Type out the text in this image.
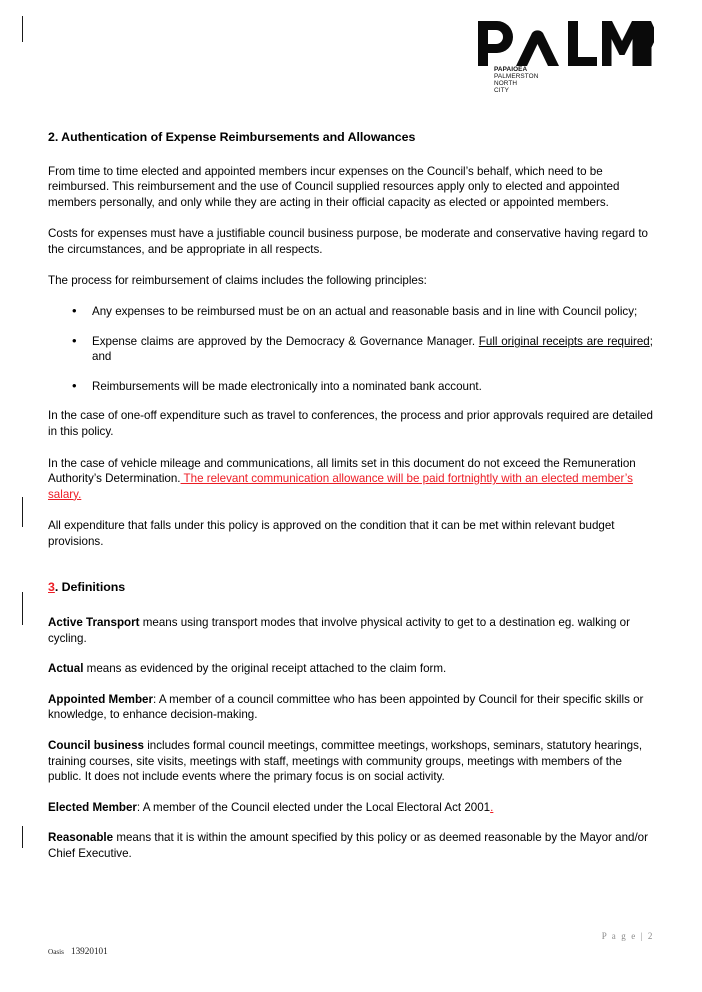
PAPAIOEA
PALMERSTON
NORTH
CITY
2. Authentication of Expense Reimbursements and Allowances

From time to time elected and appointed members incur expenses on the Council’s behalf, which need to be reimbursed. This reimbursement and the use of Council supplied resources apply only to elected and appointed members personally, and only while they are acting in their official capacity as elected or appointed members.

Costs for expenses must have a justifiable council business purpose, be moderate and conservative having regard to the circumstances, and be appropriate in all respects.

The process for reimbursement of claims includes the following principles:

• Any expenses to be reimbursed must be on an actual and reasonable basis and in line with Council policy;
• Expense claims are approved by the Democracy & Governance Manager. Full original receipts are required; and
• Reimbursements will be made electronically into a nominated bank account.

In the case of one-off expenditure such as travel to conferences, the process and prior approvals required are detailed in this policy.

In the case of vehicle mileage and communications, all limits set in this document do not exceed the Remuneration Authority’s Determination. The relevant communication allowance will be paid fortnightly with an elected member’s salary.

All expenditure that falls under this policy is approved on the condition that it can be met within relevant budget provisions.

3. Definitions

Active Transport means using transport modes that involve physical activity to get to a destination eg. walking or cycling.

Actual means as evidenced by the original receipt attached to the claim form.

Appointed Member: A member of a council committee who has been appointed by Council for their specific skills or knowledge, to enhance decision-making.

Council business includes formal council meetings, committee meetings, workshops, seminars, statutory hearings, training courses, site visits, meetings with staff, meetings with community groups, meetings with members of the public. It does not include events where the primary focus is on social activity.

Elected Member: A member of the Council elected under the Local Electoral Act 2001.

Reasonable means that it is within the amount specified by this policy or as deemed reasonable by the Mayor and/or Chief Executive.

P a g e | 2
Oasis 13920101
